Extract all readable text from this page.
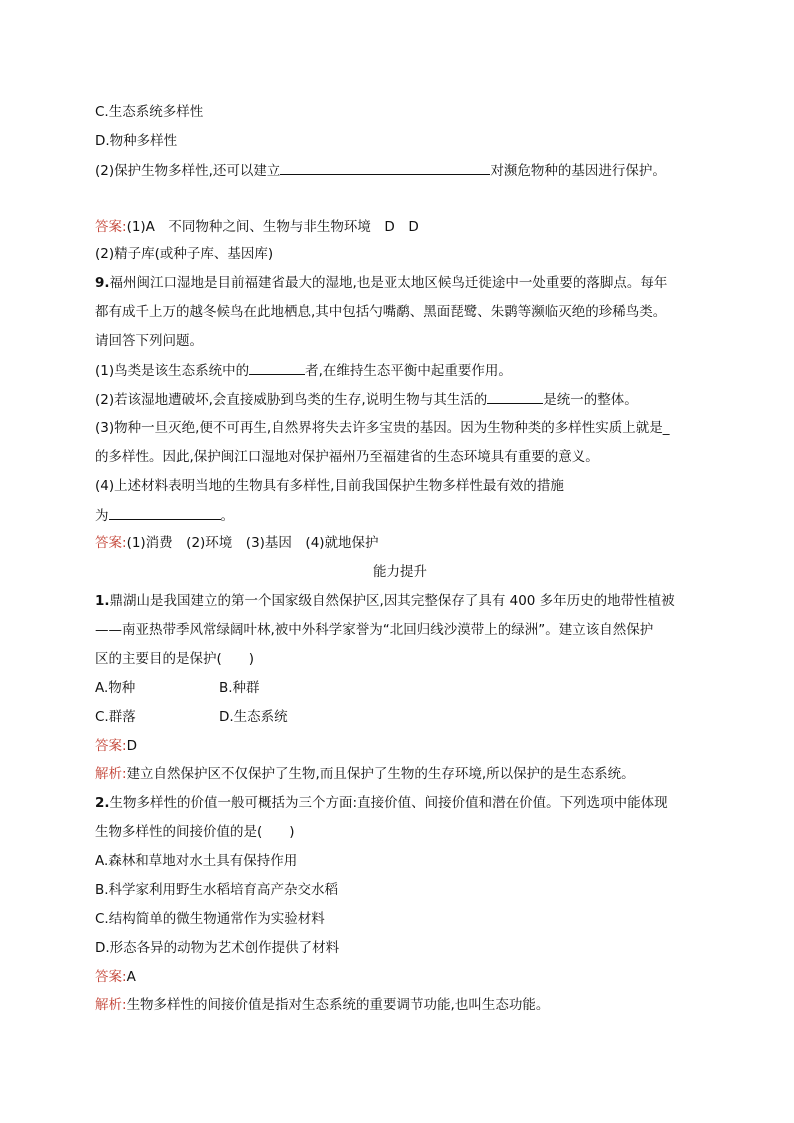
C.生态系统多样性
D.物种多样性
(2)保护生物多样性,还可以建立	对濒危物种的基因进行保护。
答案:(1)A　不同物种之间、生物与非生物环境　D　D
(2)精子库(或种子库、基因库)
9.福州闽江口湿地是目前福建省最大的湿地,也是亚太地区候鸟迁徙途中一处重要的落脚点。每年
都有成千上万的越冬候鸟在此地栖息,其中包括勺嘴鹬、黑面琵鹭、朱鹮等濒临灭绝的珍稀鸟类。
请回答下列问题。
(1)鸟类是该生态系统中的	者,在维持生态平衡中起重要作用。
(2)若该湿地遭破坏,会直接威胁到鸟类的生存,说明生物与其生活的	是统一的整体。
(3)物种一旦灭绝,便不可再生,自然界将失去许多宝贵的基因。因为生物种类的多样性实质上就是_
的多样性。因此,保护闽江口湿地对保护福州乃至福建省的生态环境具有重要的意义。
(4)上述材料表明当地的生物具有多样性,目前我国保护生物多样性最有效的措施
为	。
答案:(1)消费　(2)环境　(3)基因　(4)就地保护
能力提升
1.鼎湖山是我国建立的第一个国家级自然保护区,因其完整保存了具有 400 多年历史的地带性植被
——南亚热带季风常绿阔叶林,被中外科学家誉为“北回归线沙漠带上的绿洲”。建立该自然保护
区的主要目的是保护(　　)
A.物种	B.种群
C.群落	D.生态系统
答案:D
解析:建立自然保护区不仅保护了生物,而且保护了生物的生存环境,所以保护的是生态系统。
2.生物多样性的价值一般可概括为三个方面:直接价值、间接价值和潜在价值。下列选项中能体现
生物多样性的间接价值的是(　　)
A.森林和草地对水土具有保持作用
B.科学家利用野生水稻培育高产杂交水稻
C.结构简单的微生物通常作为实验材料
D.形态各异的动物为艺术创作提供了材料
答案:A
解析:生物多样性的间接价值是指对生态系统的重要调节功能,也叫生态功能。
